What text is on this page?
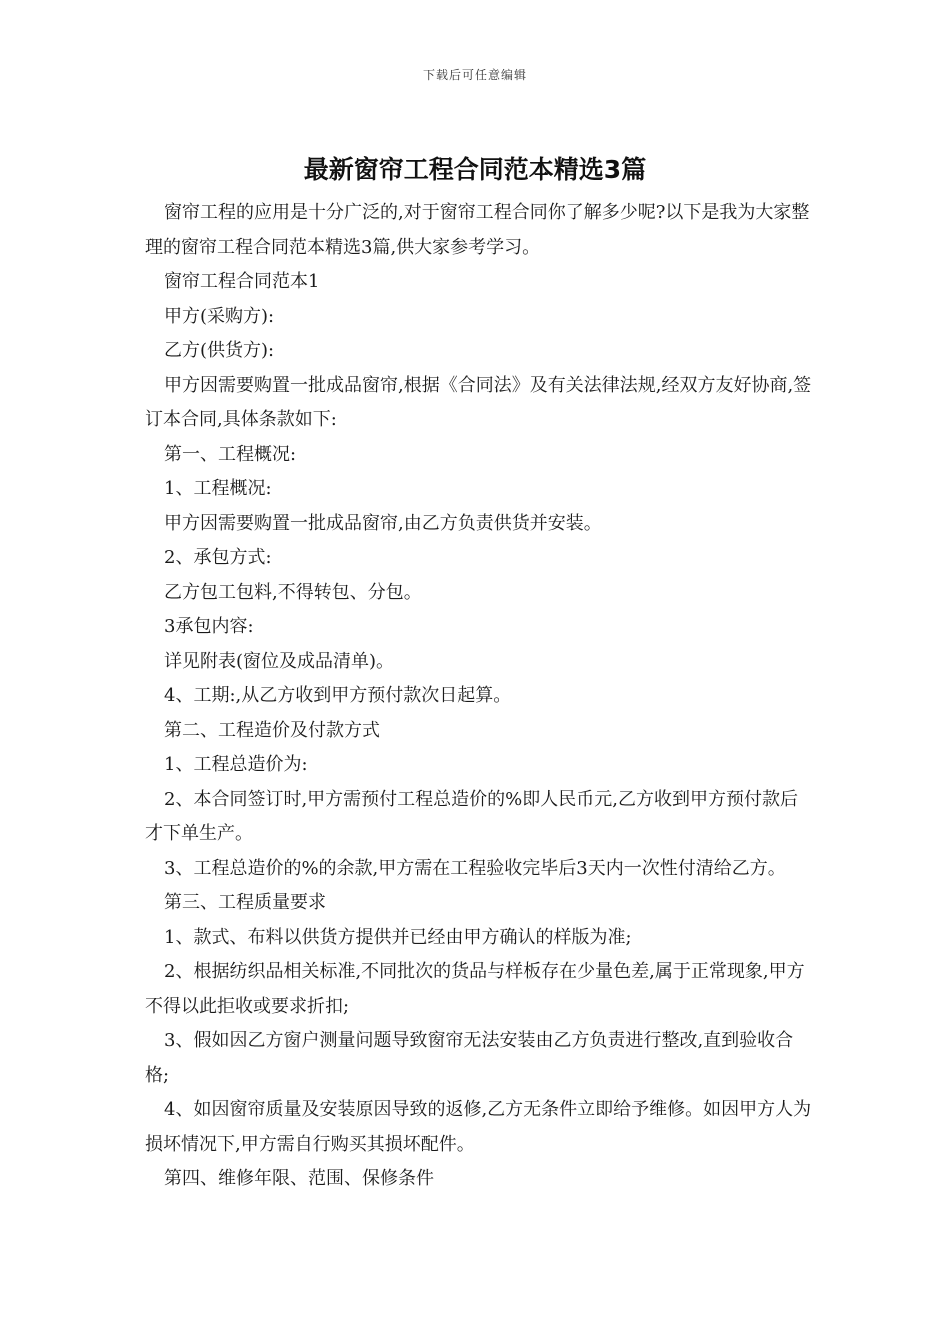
下载后可任意编辑
最新窗帘工程合同范本精选3篇

窗帘工程的应用是十分广泛的,对于窗帘工程合同你了解多少呢?以下是我为大家整理的窗帘工程合同范本精选3篇,供大家参考学习。

窗帘工程合同范本1

甲方(采购方):

乙方(供货方):

甲方因需要购置一批成品窗帘,根据《合同法》及有关法律法规,经双方友好协商,签订本合同,具体条款如下:

第一、工程概况:

1、工程概况:

甲方因需要购置一批成品窗帘,由乙方负责供货并安装。

2、承包方式:

乙方包工包料,不得转包、分包。

3承包内容:

详见附表(窗位及成品清单)。

4、工期:,从乙方收到甲方预付款次日起算。

第二、工程造价及付款方式

1、工程总造价为:

2、本合同签订时,甲方需预付工程总造价的%即人民币元,乙方收到甲方预付款后才下单生产。

3、工程总造价的%的余款,甲方需在工程验收完毕后3天内一次性付清给乙方。

第三、工程质量要求

1、款式、布料以供货方提供并已经由甲方确认的样版为准;

2、根据纺织品相关标准,不同批次的货品与样板存在少量色差,属于正常现象,甲方不得以此拒收或要求折扣;

3、假如因乙方窗户测量问题导致窗帘无法安装由乙方负责进行整改,直到验收合格;

4、如因窗帘质量及安装原因导致的返修,乙方无条件立即给予维修。如因甲方人为损坏情况下,甲方需自行购买其损坏配件。

第四、维修年限、范围、保修条件
